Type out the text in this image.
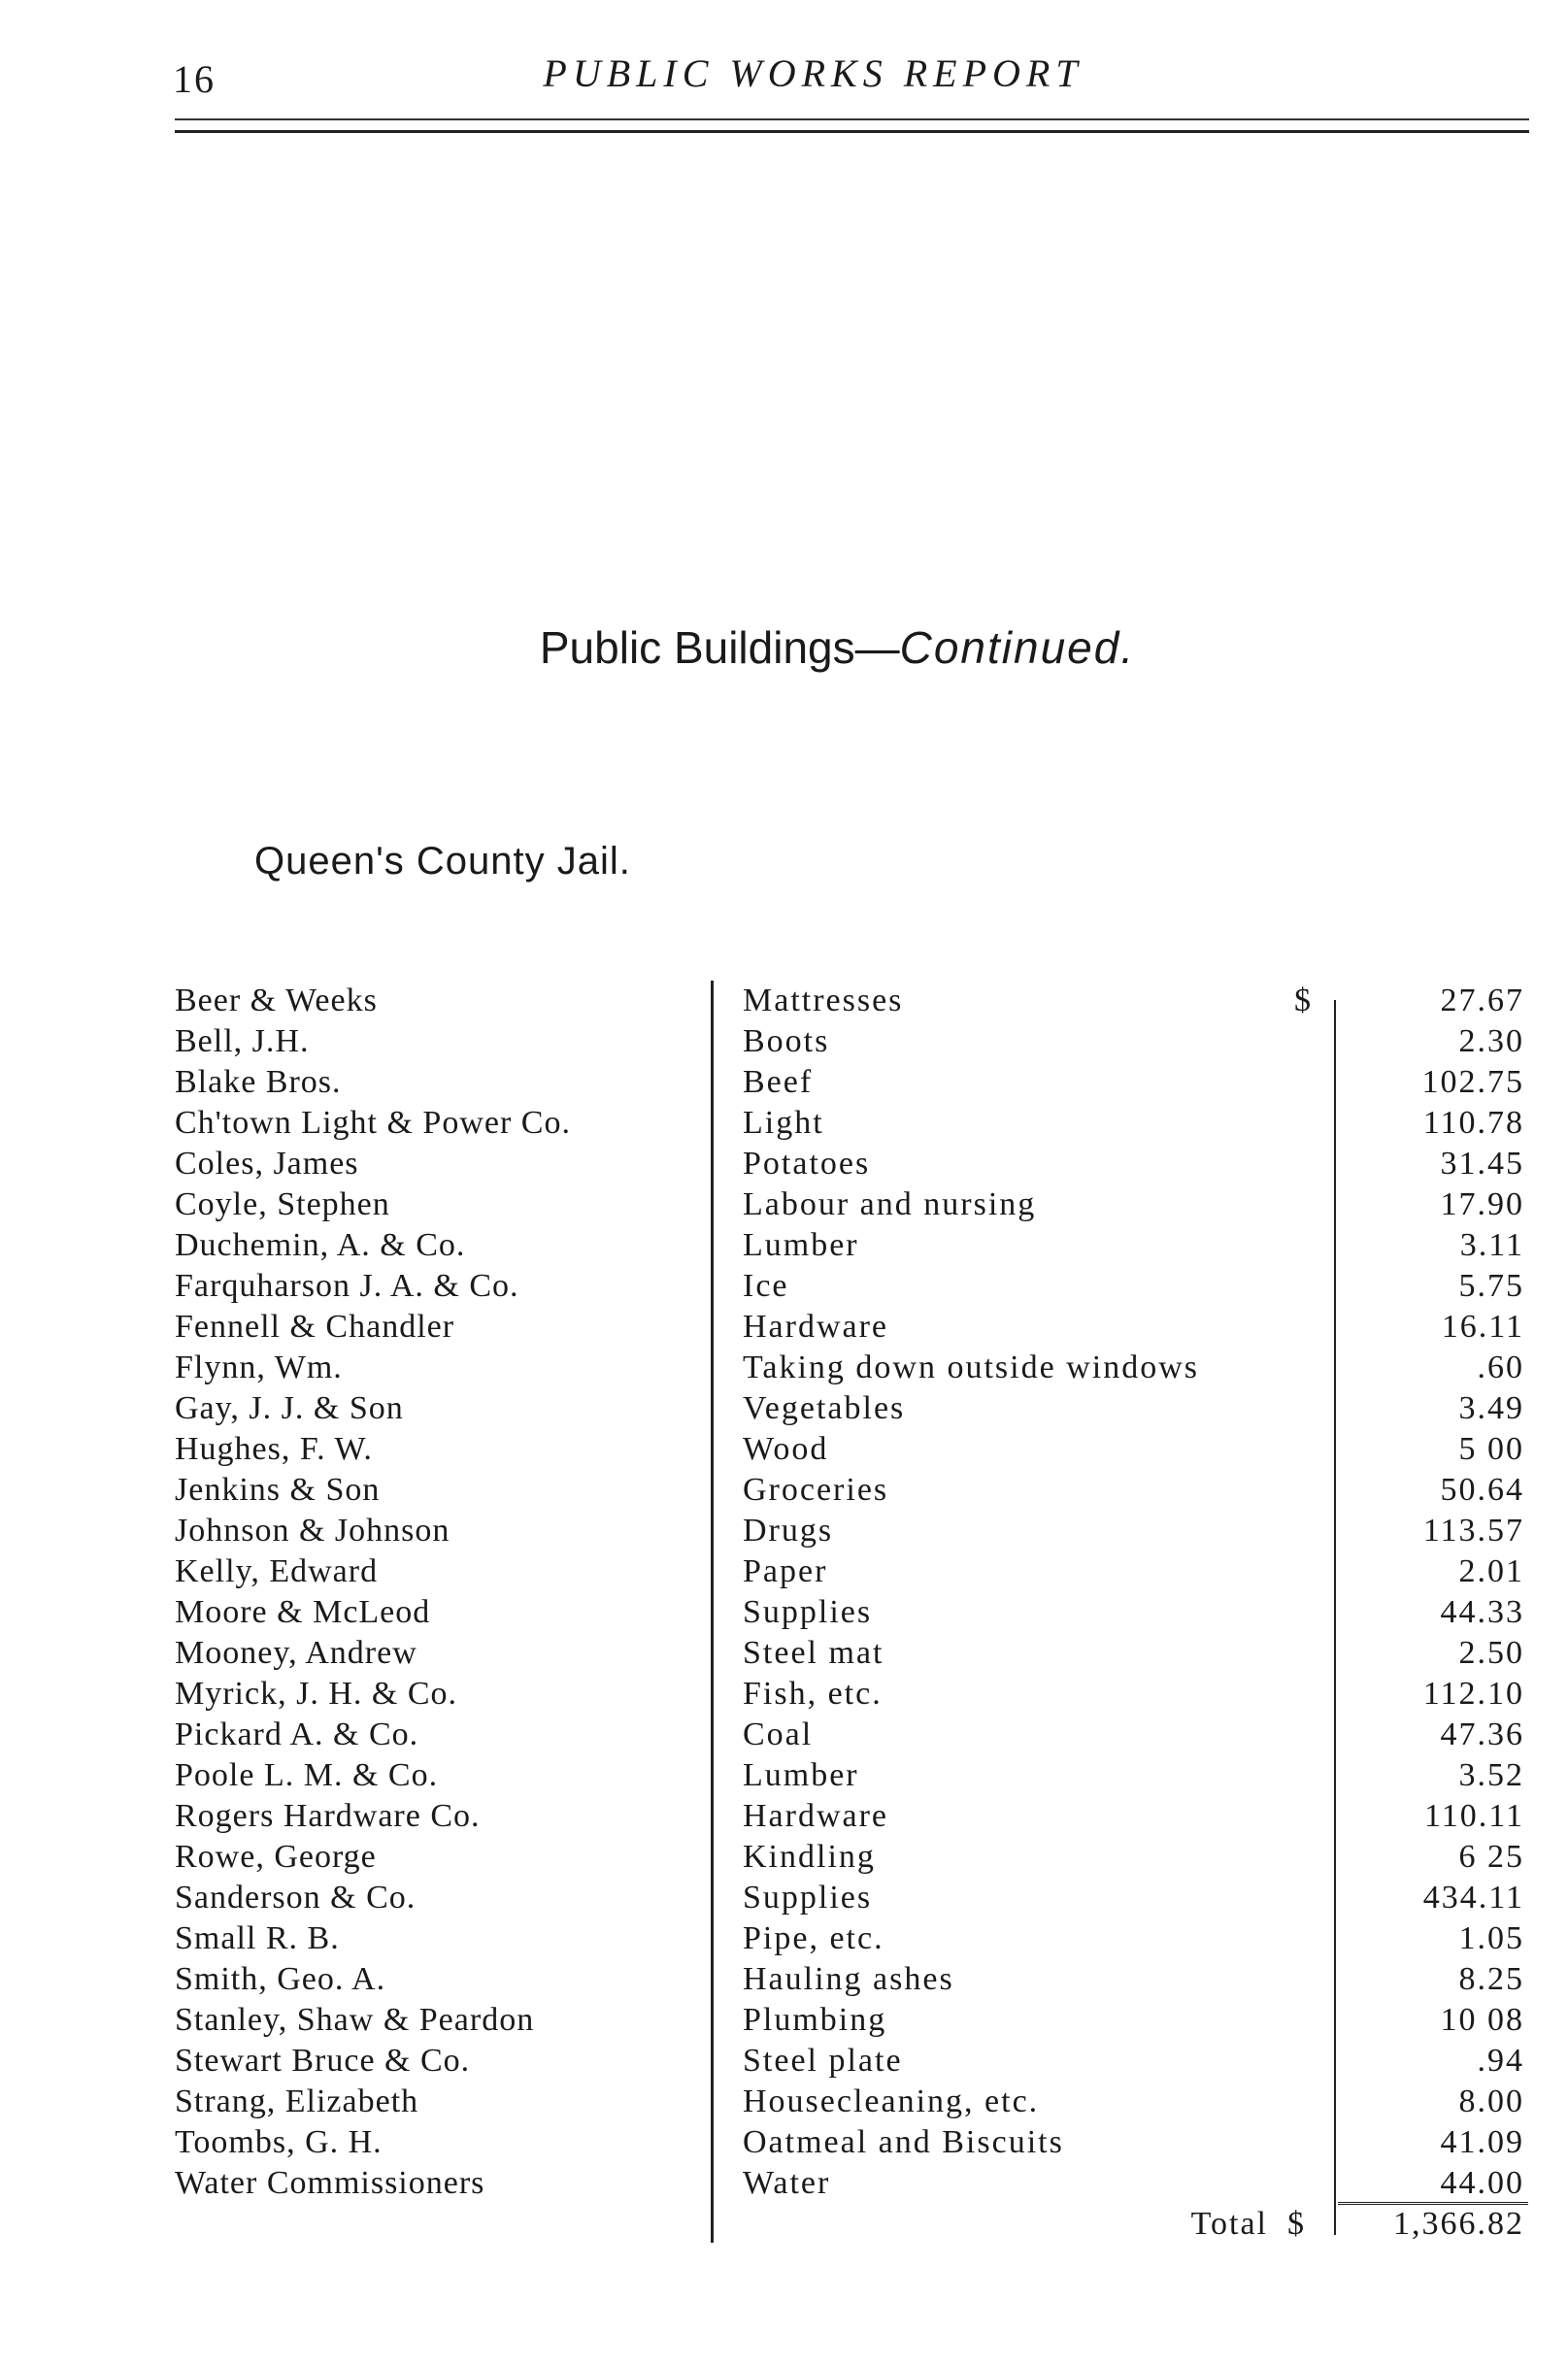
16	PUBLIC WORKS REPORT
Public Buildings—Continued.
Queen's County Jail.
Beer & Weeks	Mattresses	$	27.67
Bell, J.H.	Boots	2.30
Blake Bros.	Beef	102.75
Ch'town Light & Power Co.	Light	110.78
Coles, James	Potatoes	31.45
Coyle, Stephen	Labour and nursing	17.90
Duchemin, A. & Co.	Lumber	3.11
Farquharson J. A. & Co.	Ice	5.75
Fennell & Chandler	Hardware	16.11
Flynn, Wm.	Taking down outside windows	.60
Gay, J. J. & Son	Vegetables	3.49
Hughes, F. W.	Wood	5 00
Jenkins & Son	Groceries	50.64
Johnson & Johnson	Drugs	113.57
Kelly, Edward	Paper	2.01
Moore & McLeod	Supplies	44.33
Mooney, Andrew	Steel mat	2.50
Myrick, J. H. & Co.	Fish, etc.	112.10
Pickard A. & Co.	Coal	47.36
Poole L. M. & Co.	Lumber	3.52
Rogers Hardware Co.	Hardware	110.11
Rowe, George	Kindling	6 25
Sanderson & Co.	Supplies	434.11
Small R. B.	Pipe, etc.	1.05
Smith, Geo. A.	Hauling ashes	8.25
Stanley, Shaw & Peardon	Plumbing	10 08
Stewart Bruce & Co.	Steel plate	.94
Strang, Elizabeth	Housecleaning, etc.	8.00
Toombs, G. H.	Oatmeal and Biscuits	41.09
Water Commissioners	Water	44.00
Total $	1,366.82
